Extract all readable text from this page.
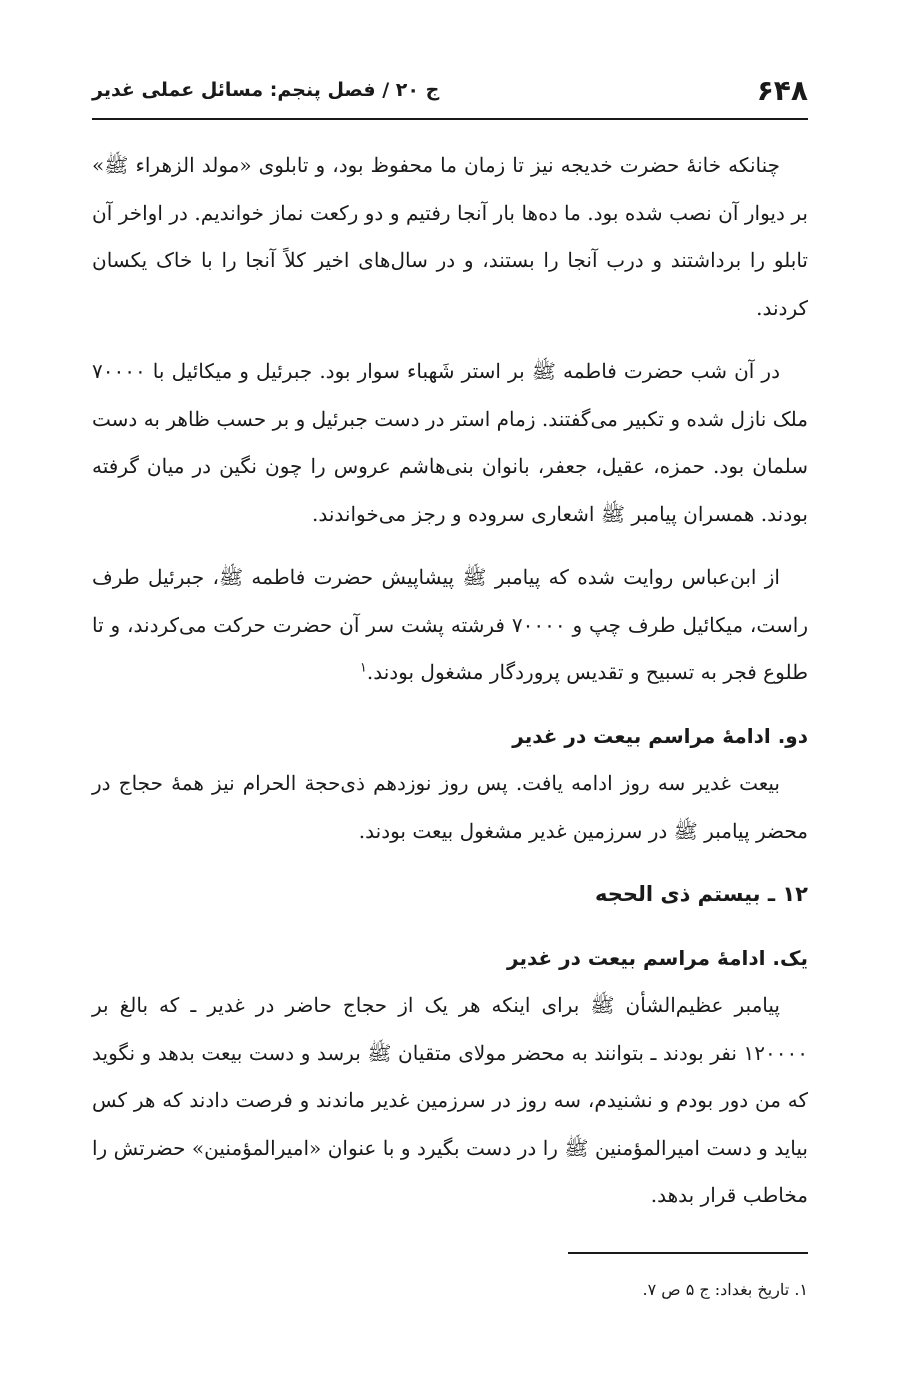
۶۴۸
ج ۲۰ / فصل پنجم: مسائل عملی غدیر

چنانکه خانۀ حضرت خدیجه نیز تا زمان ما محفوظ بود، و تابلوی «مولد الزهراء ﷺ» بر دیوار آن نصب شده بود. ما ده‌ها بار آنجا رفتیم و دو رکعت نماز خواندیم. در اواخر آن تابلو را برداشتند و درب آنجا را بستند، و در سال‌های اخیر کلاً آنجا را با خاک یکسان کردند.

در آن شب حضرت فاطمه ﷺ بر استر شَهباء سوار بود. جبرئیل و میکائیل با ۷۰۰۰۰ ملک نازل شده و تکبیر می‌گفتند. زمام استر در دست جبرئیل و بر حسب ظاهر به دست سلمان بود. حمزه، عقیل، جعفر، بانوان بنی‌هاشم عروس را چون نگین در میان گرفته بودند. همسران پیامبر ﷺ اشعاری سروده و رجز می‌خواندند.

از ابن‌عباس روایت شده که پیامبر ﷺ پیشاپیش حضرت فاطمه ﷺ، جبرئیل طرف راست، میکائیل طرف چپ و ۷۰۰۰۰ فرشته پشت سر آن حضرت حرکت می‌کردند، و تا طلوع فجر به تسبیح و تقدیس پروردگار مشغول بودند.$^۱$

دو. ادامۀ مراسم بیعت در غدیر

بیعت غدیر سه روز ادامه یافت. پس روز نوزدهم ذی‌حجة الحرام نیز همۀ حجاج در محضر پیامبر ﷺ در سرزمین غدیر مشغول بیعت بودند.

۱۲ ـ بیستم ذی الحجه
یک. ادامۀ مراسم بیعت در غدیر

پیامبر عظیم‌الشأن ﷺ برای اینکه هر یک از حجاج حاضر در غدیر ـ که بالغ بر ۱۲۰۰۰۰ نفر بودند ـ بتوانند به محضر مولای متقیان ﷺ برسد و دست بیعت بدهد و نگوید که من دور بودم و نشنیدم، سه روز در سرزمین غدیر ماندند و فرصت دادند که هر کس بیاید و دست امیرالمؤمنین ﷺ را در دست بگیرد و با عنوان «امیرالمؤمنین» حضرتش را مخاطب قرار بدهد.

۱. تاریخ بغداد: ج ۵ ص ۷.
